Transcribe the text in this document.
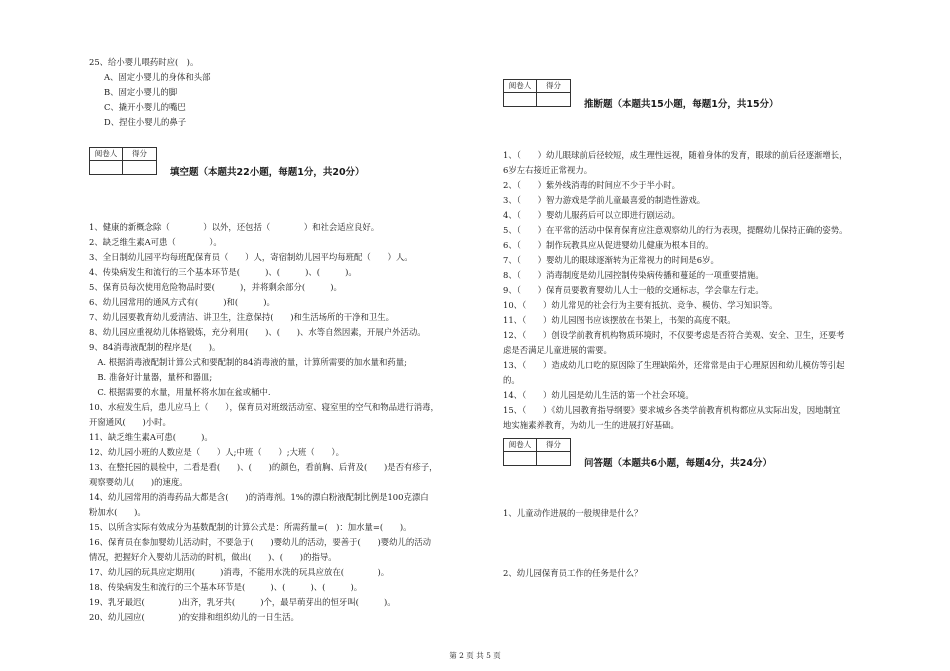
25、给小婴儿喂药时应(　)。
A、固定小婴儿的身体和头部
B、固定小婴儿的脚
C、撬开小婴儿的嘴巴
D、捏住小婴儿的鼻子
阅卷人	得分
填空题（本题共22小题，每题1分，共20分）
1、健康的新概念除（　　　　）以外，还包括（　　　　）和社会适应良好。
2、缺乏维生素A可患（　　　　）。
3、全日制幼儿园平均每班配保育员（　　）人，寄宿制幼儿园平均每班配（　　）人。
4、传染病发生和流行的三个基本环节是(　　　)、(　　　)、(　　　)。
5、保育员每次使用危险物品时要(　　　)，并将剩余部分(　　　)。
6、幼儿园常用的通风方式有(　　　)和(　　　)。
7、幼儿园要教育幼儿爱清洁、讲卫生，注意保持(　　)和生活场所的干净和卫生。
8、幼儿园应重视幼儿体格锻炼，充分利用(　　)、(　　)、水等自然因素，开展户外活动。
9、84消毒液配制的程序是(　　)。
　A. 根据消毒液配制计算公式和要配制的84消毒液的量，计算所需要的加水量和药量;
　B. 准备好计量器，量杯和器皿;
　C. 根据需要的水量，用量杯将水加在盆或桶中.
10、水痘发生后，患儿应马上（　　），保育员对班级活动室、寝室里的空气和物品进行消毒，
开窗通风(　　)小时。
11、缺乏维生素A可患(　　　)。
12、幼儿园小班的人数应是（　　）人;中班（　　）;大班（　　）。
13、在整托园的晨检中，二看是看(　　)、(　　)的颜色，看前胸、后背及(　　)是否有疹子，
观察婴幼儿(　　)的速度。
14、幼儿园常用的消毒药品大都是含(　　)的消毒剂。1%的漂白粉液配制比例是100克漂白
粉加水(　　)。
15、以所含实际有效成分为基数配制的计算公式是：所需药量=(　)：加水量=(　　)。
16、保育员在参加婴幼儿活动时，不要急于(　　)婴幼儿的活动，要善于(　　)婴幼儿的活动
情况，把握好介入婴幼儿活动的时机，做出(　　)、(　　)的指导。
17、幼儿园的玩具应定期用(　　　)消毒，不能用水洗的玩具应放在(　　　　)。
18、传染病发生和流行的三个基本环节是(　　　)、(　　　)、(　　　)。
19、乳牙最迟(　　　　)出齐，乳牙共(　　　)个，最早萌芽出的恒牙叫(　　　)。
20、幼儿园应(　　　　)的安排和组织幼儿的一日生活。
阅卷人	得分
推断题（本题共15小题，每题1分，共15分）
1、（　　）幼儿眼球前后径较短，成生理性远视，随着身体的发育，眼球的前后径逐渐增长，
6岁左右接近正常视力。
2、（　　）紫外线消毒的时间应不少于半小时。
3、（　　）智力游戏是学前儿童最喜爱的制造性游戏。
4、（　　）婴幼儿服药后可以立即进行剧运动。
5、（　　）在平常的活动中保育保育应注意观察幼儿的行为表现，提醒幼儿保持正确的姿势。
6、（　　）制作玩教具应从促进婴幼儿健康为根本目的。
7、（　　）婴幼儿的眼球逐渐转为正常视力的时间是6岁。
8、（　　）消毒制度是幼儿园控制传染病传播和蔓延的一项重要措施。
9、（　　）保育员要教育婴幼儿人士一般的交通标志，学会靠左行走。
10、（　　）幼儿常见的社会行为主要有抵抗、竞争、模仿、学习知识等。
11、（　　）幼儿园图书应该摆放在书架上，书架的高度不限。
12、（　　）创设学前教育机构物质环境时，不仅要考虑是否符合美观、安全、卫生，还要考
虑是否满足儿童进展的需要。
13、（　　）造成幼儿口吃的原因除了生理缺陷外，还常常是由于心理原因和幼儿模仿等引起
的。
14、（　　）幼儿园是幼儿生活的第一个社会环境。
15、（　　）《幼儿园教育指导纲要》要求城乡各类学前教育机构都应从实际出发，因地制宜
地实施素养教育，为幼儿一生的进展打好基础。
阅卷人	得分
问答题（本题共6小题，每题4分，共24分）
1、儿童动作进展的一般规律是什么？
2、幼儿园保育员工作的任务是什么？
第 2 页 共 5 页
